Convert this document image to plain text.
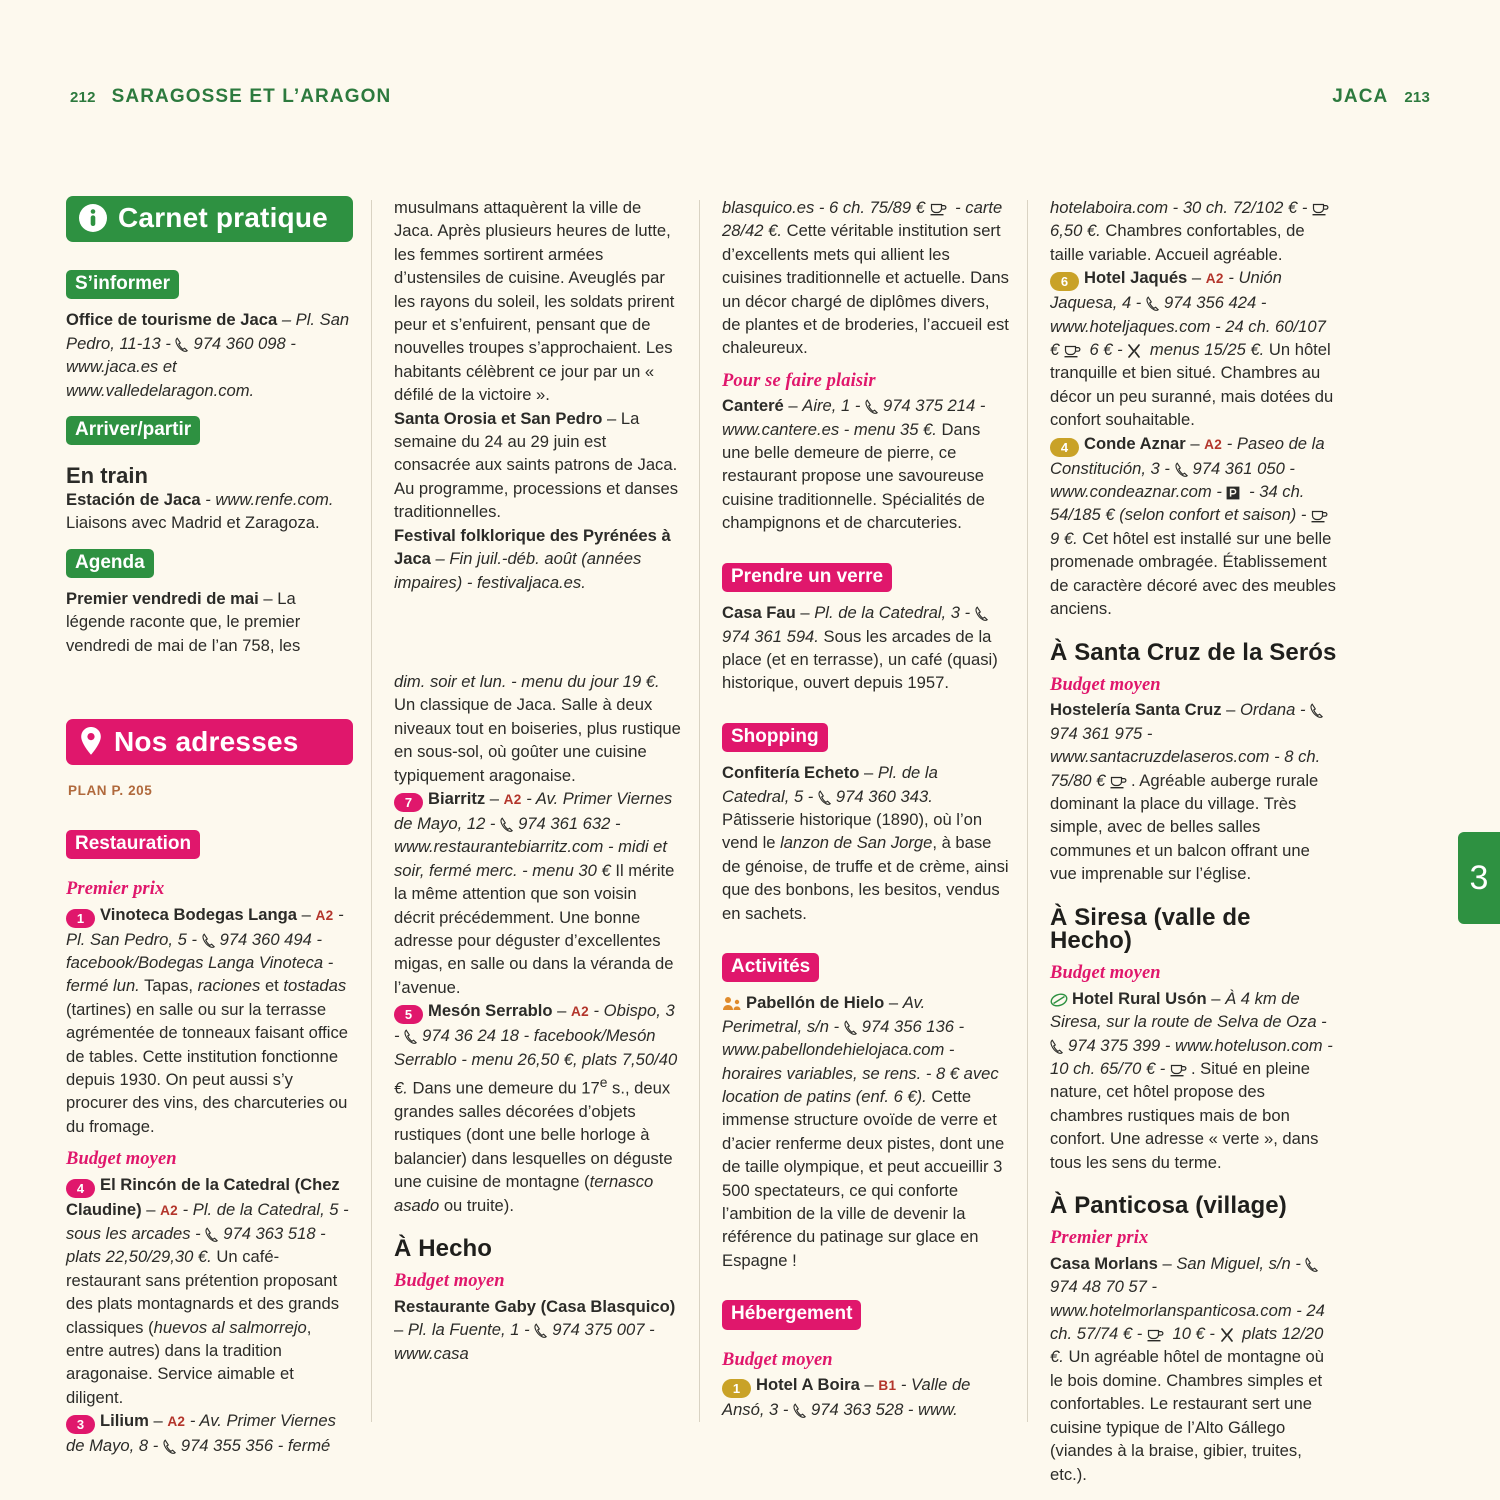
212 SARAGOSSE ET L’ARAGON	JACA 213
3
Carnet pratique
S’informer

Office de tourisme de Jaca – Pl. San Pedro, 11-13 -
974 360 098 - www.jaca.es et www.valledelaragon.com.

Arriver/partir

En train

Estación de Jaca - www.renfe.com. Liaisons avec Madrid et Zaragoza.

Agenda

Premier vendredi de mai – La légende raconte que, le premier vendredi de mai de l’an 758, les

Nos adresses
PLAN P. 205
Restauration

Premier prix

1 Vinoteca Bodegas Langa – A2 - Pl. San Pedro, 5 -
974 360 494 - facebook/Bodegas Langa Vinoteca - fermé lun. Tapas, raciones et tostadas (tartines) en salle ou sur la terrasse agrémentée de tonneaux faisant office de tables. Cette institution fonctionne depuis 1930. On peut aussi s’y procurer des vins, des charcuteries ou du fromage.

Budget moyen

4 El Rincón de la Catedral (Chez Claudine) – A2 - Pl. de la Catedral, 5 - sous les arcades -
974 363 518 - plats 22,50/29,30 €. Un café-restaurant sans prétention proposant des plats montagnards et des grands classiques (huevos al salmorrejo, entre autres) dans la tradition aragonaise. Service aimable et diligent.

3 Lilium – A2 - Av. Primer Viernes de Mayo, 8 -
974 355 356 - fermé

musulmans attaquèrent la ville de Jaca. Après plusieurs heures de lutte, les femmes sortirent armées d’ustensiles de cuisine. Aveuglés par les rayons du soleil, les soldats prirent peur et s’enfuirent, pensant que de nouvelles troupes s’approchaient. Les habitants célèbrent ce jour par un « défilé de la victoire ».

Santa Orosia et San Pedro – La semaine du 24 au 29 juin est consacrée aux saints patrons de Jaca. Au programme, processions et danses traditionnelles.

Festival folklorique des Pyrénées à Jaca – Fin juil.-déb. août (années impaires) - festivaljaca.es.

dim. soir et lun. - menu du jour 19 €. Un classique de Jaca. Salle à deux niveaux tout en boiseries, plus rustique en sous-sol, où goûter une cuisine typiquement aragonaise.

7 Biarritz – A2 - Av. Primer Viernes de Mayo, 12 -
974 361 632 - www.restaurantebiarritz.com - midi et soir, fermé merc. - menu 30 € Il mérite la même attention que son voisin décrit précédemment. Une bonne adresse pour déguster d’excellentes migas, en salle ou dans la véranda de l’avenue.

5 Mesón Serrablo – A2 - Obispo, 3 -
974 36 24 18 - facebook/Mesón Serrablo - menu 26,50 €, plats 7,50/40 €. Dans une demeure du 17e s., deux grandes salles décorées d’objets rustiques (dont une belle horloge à balancier) dans lesquelles on déguste une cuisine de montagne (ternasco asado ou truite).

À Hecho

Budget moyen

Restaurante Gaby (Casa Blasquico) – Pl. la Fuente, 1 -
974 375 007 - www.casa

blasquico.es - 6 ch. 75/89 €
- carte 28/42 €. Cette véritable institution sert d’excellents mets qui allient les cuisines traditionnelle et actuelle. Dans un décor chargé de diplômes divers, de plantes et de broderies, l’accueil est chaleureux.

Pour se faire plaisir

Canteré – Aire, 1 -
974 375 214 - www.cantere.es - menu 35 €. Dans une belle demeure de pierre, ce restaurant propose une savoureuse cuisine traditionnelle. Spécialités de champignons et de charcuteries.

Prendre un verre

Casa Fau – Pl. de la Catedral, 3 -
974 361 594. Sous les arcades de la place (et en terrasse), un café (quasi) historique, ouvert depuis 1957.

Shopping

Confitería Echeto – Pl. de la Catedral, 5 -
974 360 343. Pâtisserie historique (1890), où l’on vend le lanzon de San Jorge, à base de génoise, de truffe et de crème, ainsi que des bonbons, les besitos, vendus en sachets.

Activités

Pabellón de Hielo – Av. Perimetral, s/n -
974 356 136 - www.pabellondehielojaca.com - horaires variables, se rens. - 8 € avec location de patins (enf. 6 €). Cette immense structure ovoïde de verre et d’acier renferme deux pistes, dont une de taille olympique, et peut accueillir 3 500 spectateurs, ce qui conforte l’ambition de la ville de devenir la référence du patinage sur glace en Espagne !

Hébergement

Budget moyen

1 Hotel A Boira – B1 - Valle de Ansó, 3 -
974 363 528 - www.

hotelaboira.com - 30 ch. 72/102 € -
6,50 €. Chambres confortables, de taille variable. Accueil agréable.

6 Hotel Jaqués – A2 - Unión Jaquesa, 4 -
974 356 424 - www.hoteljaques.com - 24 ch. 60/107 €
6 € -
menus 15/25 €. Un hôtel tranquille et bien situé. Chambres au décor un peu suranné, mais dotées du confort souhaitable.

4 Conde Aznar – A2 - Paseo de la Constitución, 3 -
974 361 050 - www.condeaznar.com -
- 34 ch. 54/185 € (selon confort et saison) -
9 €. Cet hôtel est installé sur une belle promenade ombragée. Établissement de caractère décoré avec des meubles anciens.

À Santa Cruz de la Serós

Budget moyen

Hostelería Santa Cruz – Ordana -
974 361 975 - www.santacruzdelaseros.com - 8 ch. 75/80 €
. Agréable auberge rurale dominant la place du village. Très simple, avec de belles salles communes et un balcon offrant une vue imprenable sur l’église.

À Siresa (valle de Hecho)

Budget moyen

Hotel Rural Usón – À 4 km de Siresa, sur la route de Selva de Oza -
974 375 399 - www.hoteluson.com - 10 ch. 65/70 € -
. Situé en pleine nature, cet hôtel propose des chambres rustiques mais de bon confort. Une adresse « verte », dans tous les sens du terme.

À Panticosa (village)

Premier prix

Casa Morlans – San Miguel, s/n -
974 48 70 57 - www.hotelmorlanspanticosa.com - 24 ch. 57/74 € -
10 € -
plats 12/20 €. Un agréable hôtel de montagne où le bois domine. Chambres simples et confortables. Le restaurant sert une cuisine typique de l’Alto Gállego (viandes à la braise, gibier, truites, etc.).
